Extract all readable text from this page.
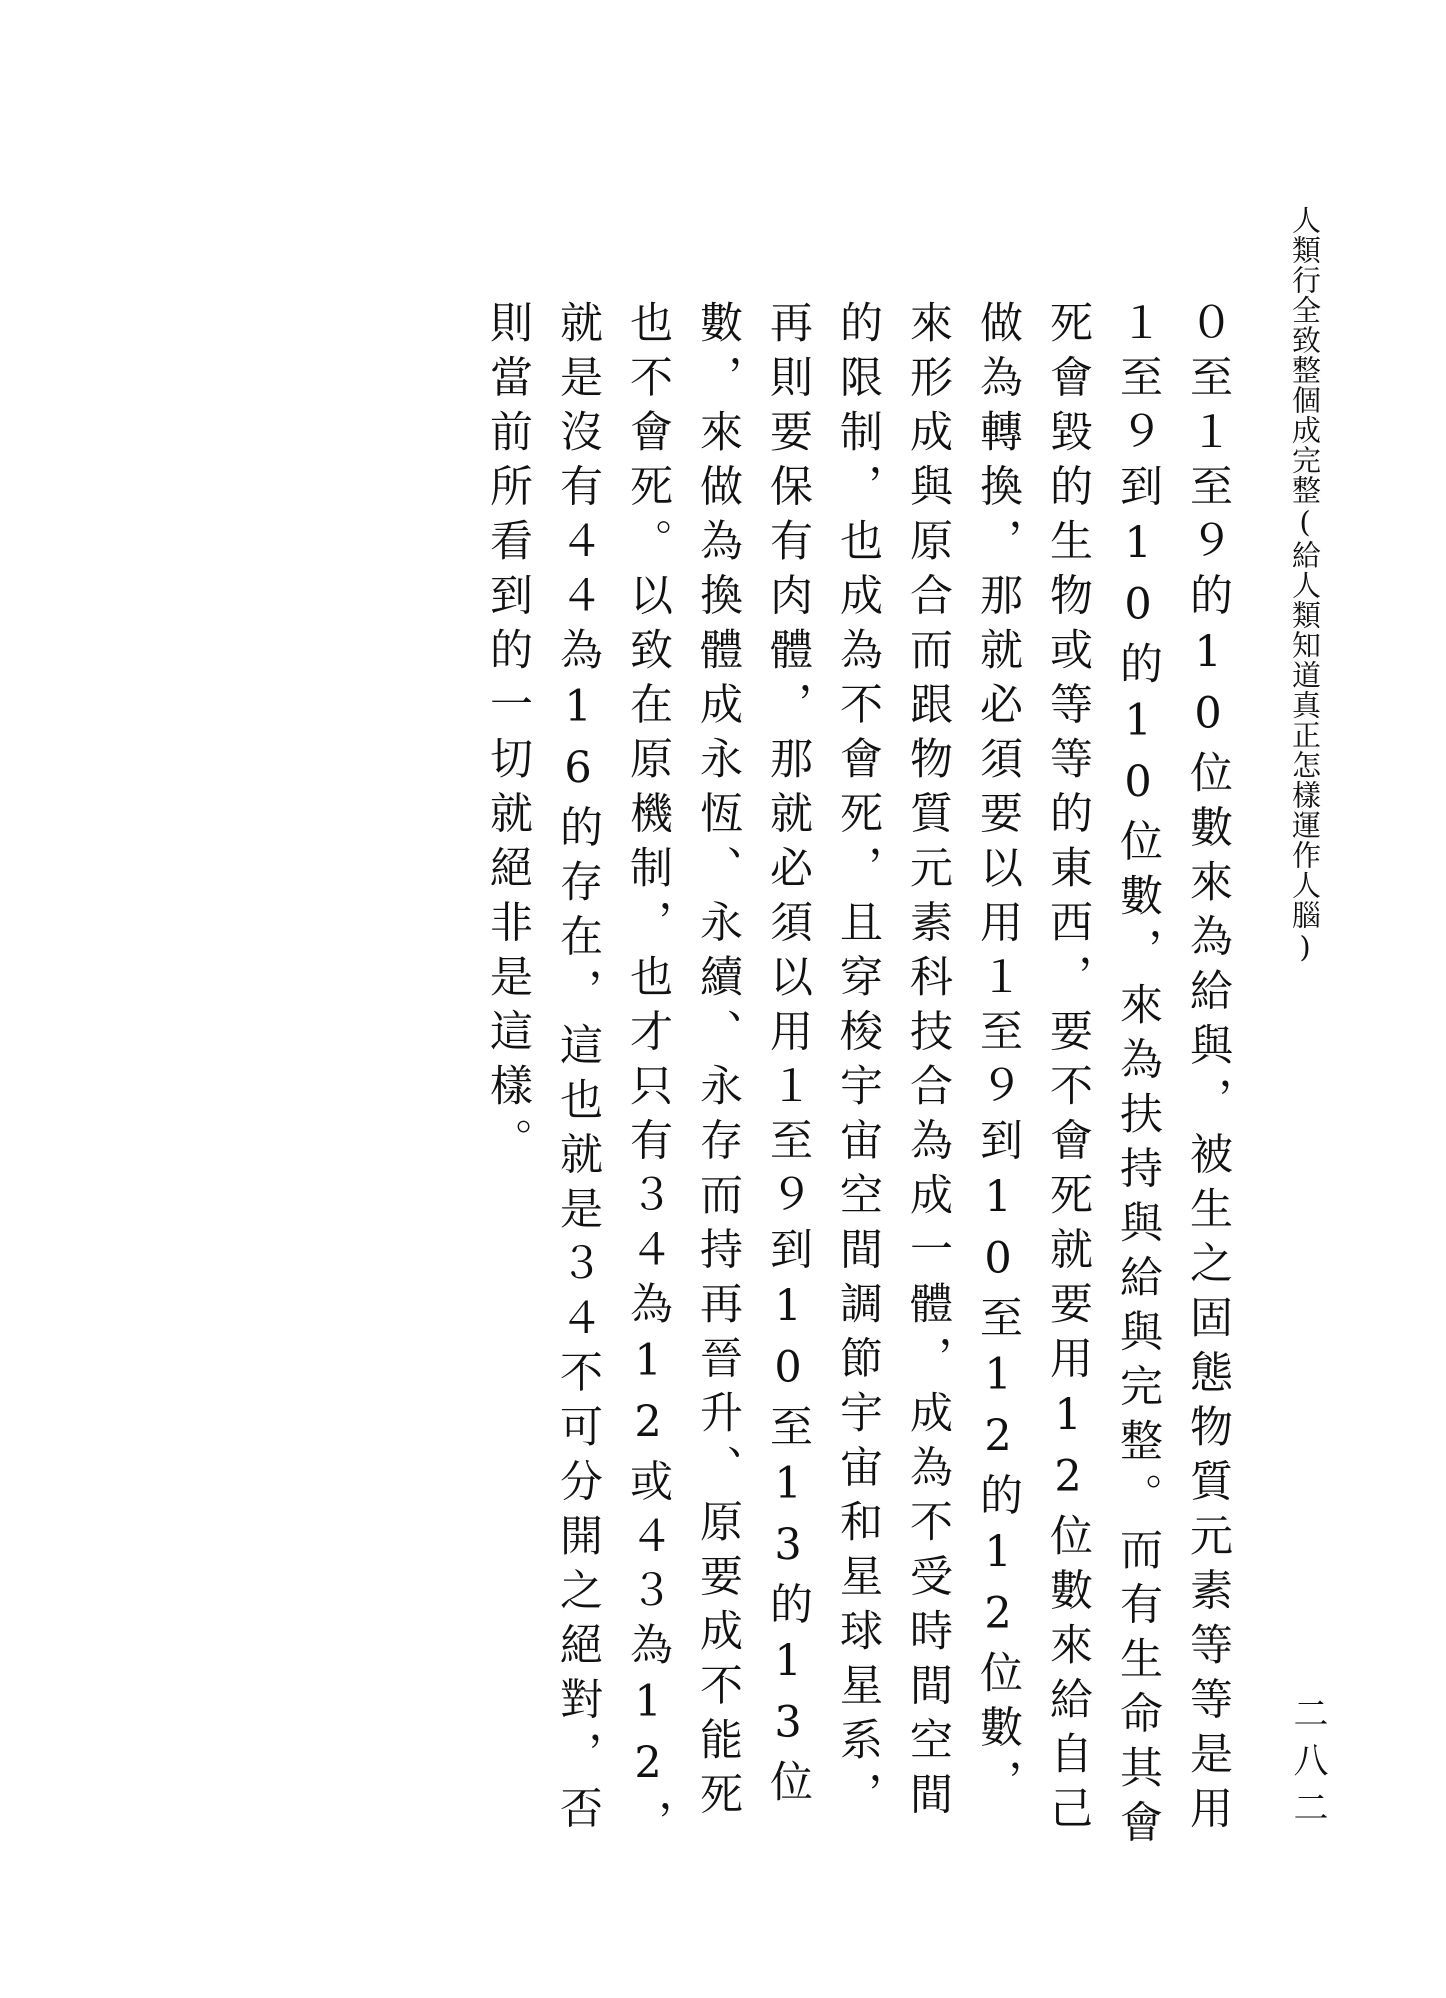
人類行全致整個成完整(給人類知道真正怎樣運作人腦)
二八二

０至１至９的10位數來為給與，被生之固態物質元素等等是用１至９到10的10位數，來為扶持與給與完整。而有生命其會死會毀的生物或等等的東西，要不會死就要用12位數來給自己做為轉換，那就必須要以用１至９到10至12的12位數，來形成與原合而跟物質元素科技合為成一體，成為不受時間空間的限制，也成為不會死，且穿梭宇宙空間調節宇宙和星球星系，再則要保有肉體，那就必須以用１至９到10至13的13位數，來做為換體成永恆、永續、永存而持再晉升、原要成不能死也不會死。以致在原機制，也才只有３４為12或４３為12，就是沒有４４為16的存在，這也就是３４不可分開之絕對，否則當前所看到的一切就絕非是這樣。
